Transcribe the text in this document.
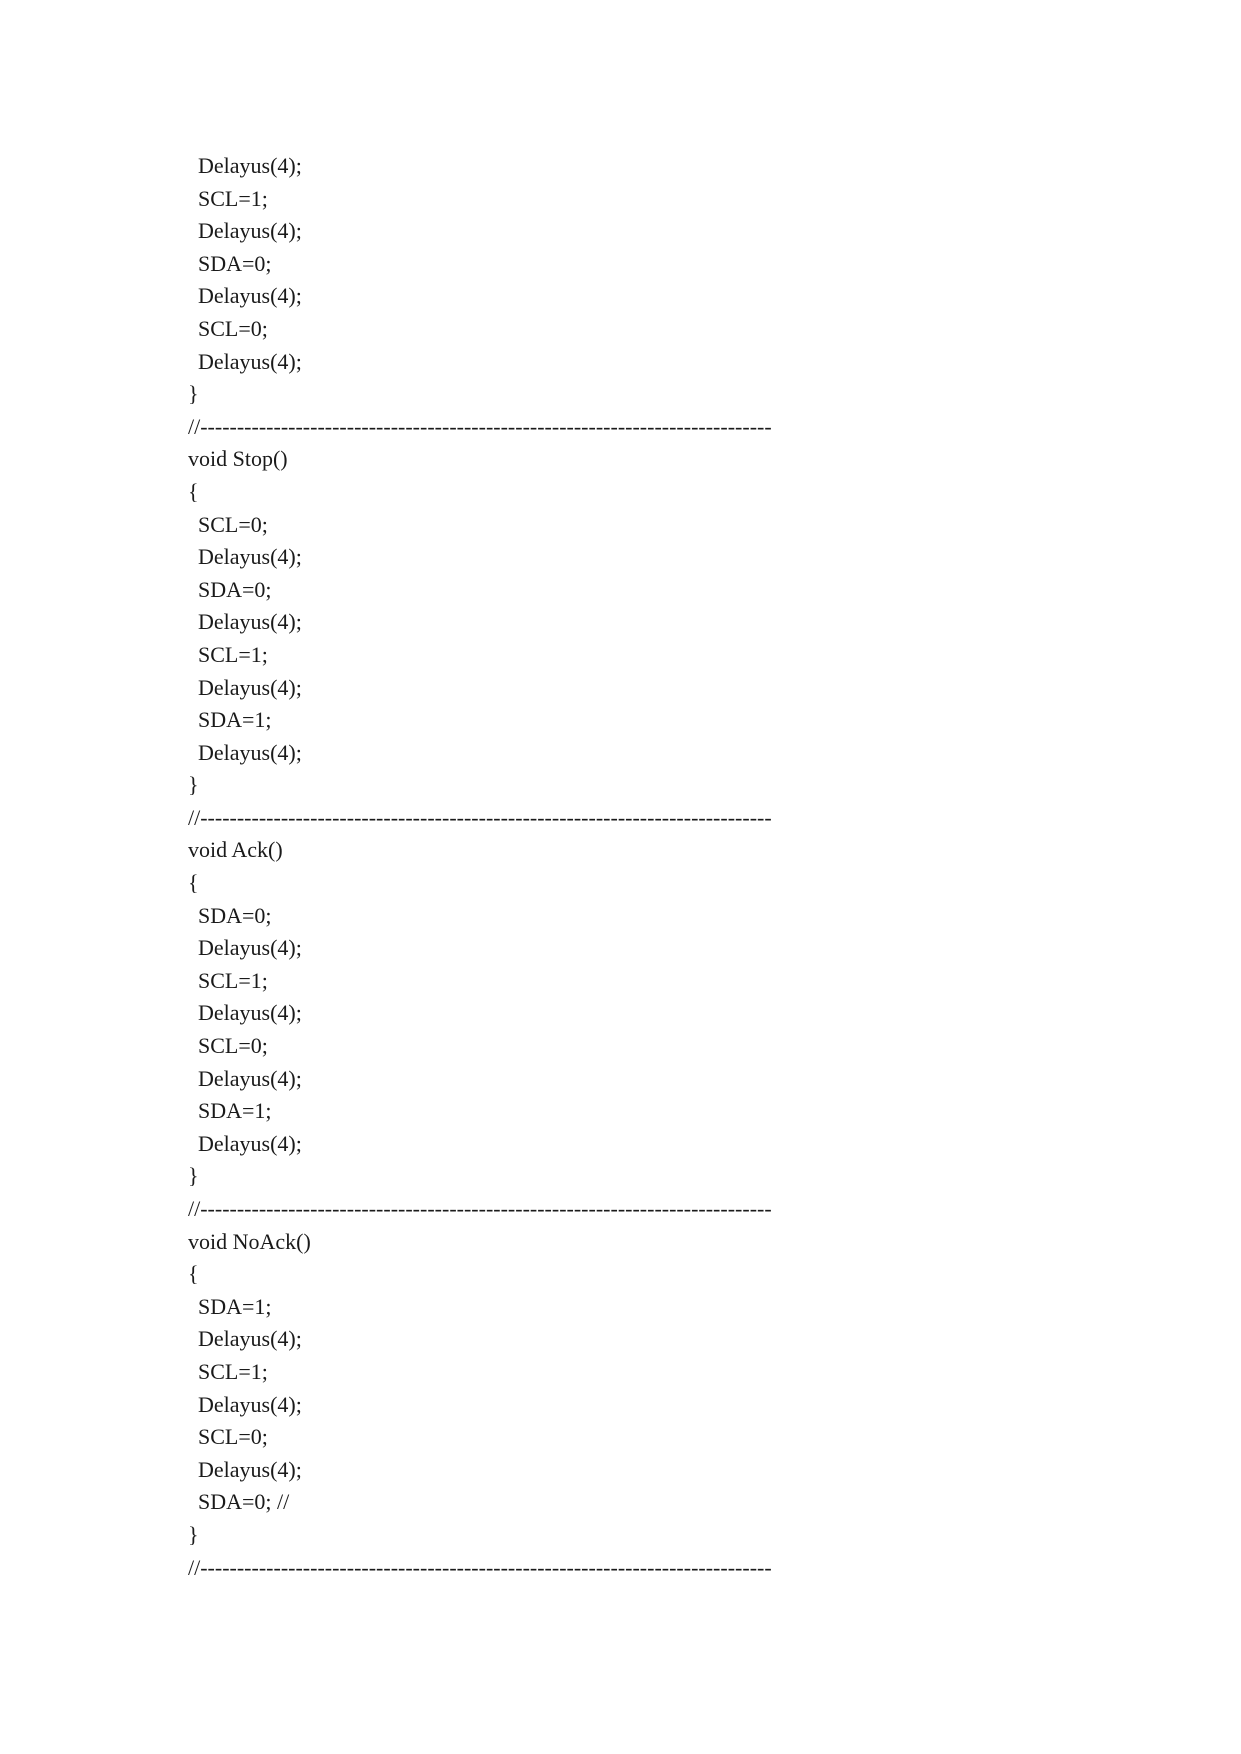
Delayus(4);
SCL=1;
Delayus(4);
SDA=0;
Delayus(4);
SCL=0;
Delayus(4);
}
//------------------------------------------------------------------------------
void Stop()
{
SCL=0;
Delayus(4);
SDA=0;
Delayus(4);
SCL=1;
Delayus(4);
SDA=1;
Delayus(4);
}
//------------------------------------------------------------------------------
void Ack()
{
SDA=0;
Delayus(4);
SCL=1;
Delayus(4);
SCL=0;
Delayus(4);
SDA=1;
Delayus(4);
}
//------------------------------------------------------------------------------
void NoAck()
{
SDA=1;
Delayus(4);
SCL=1;
Delayus(4);
SCL=0;
Delayus(4);
SDA=0; //
}
//------------------------------------------------------------------------------
